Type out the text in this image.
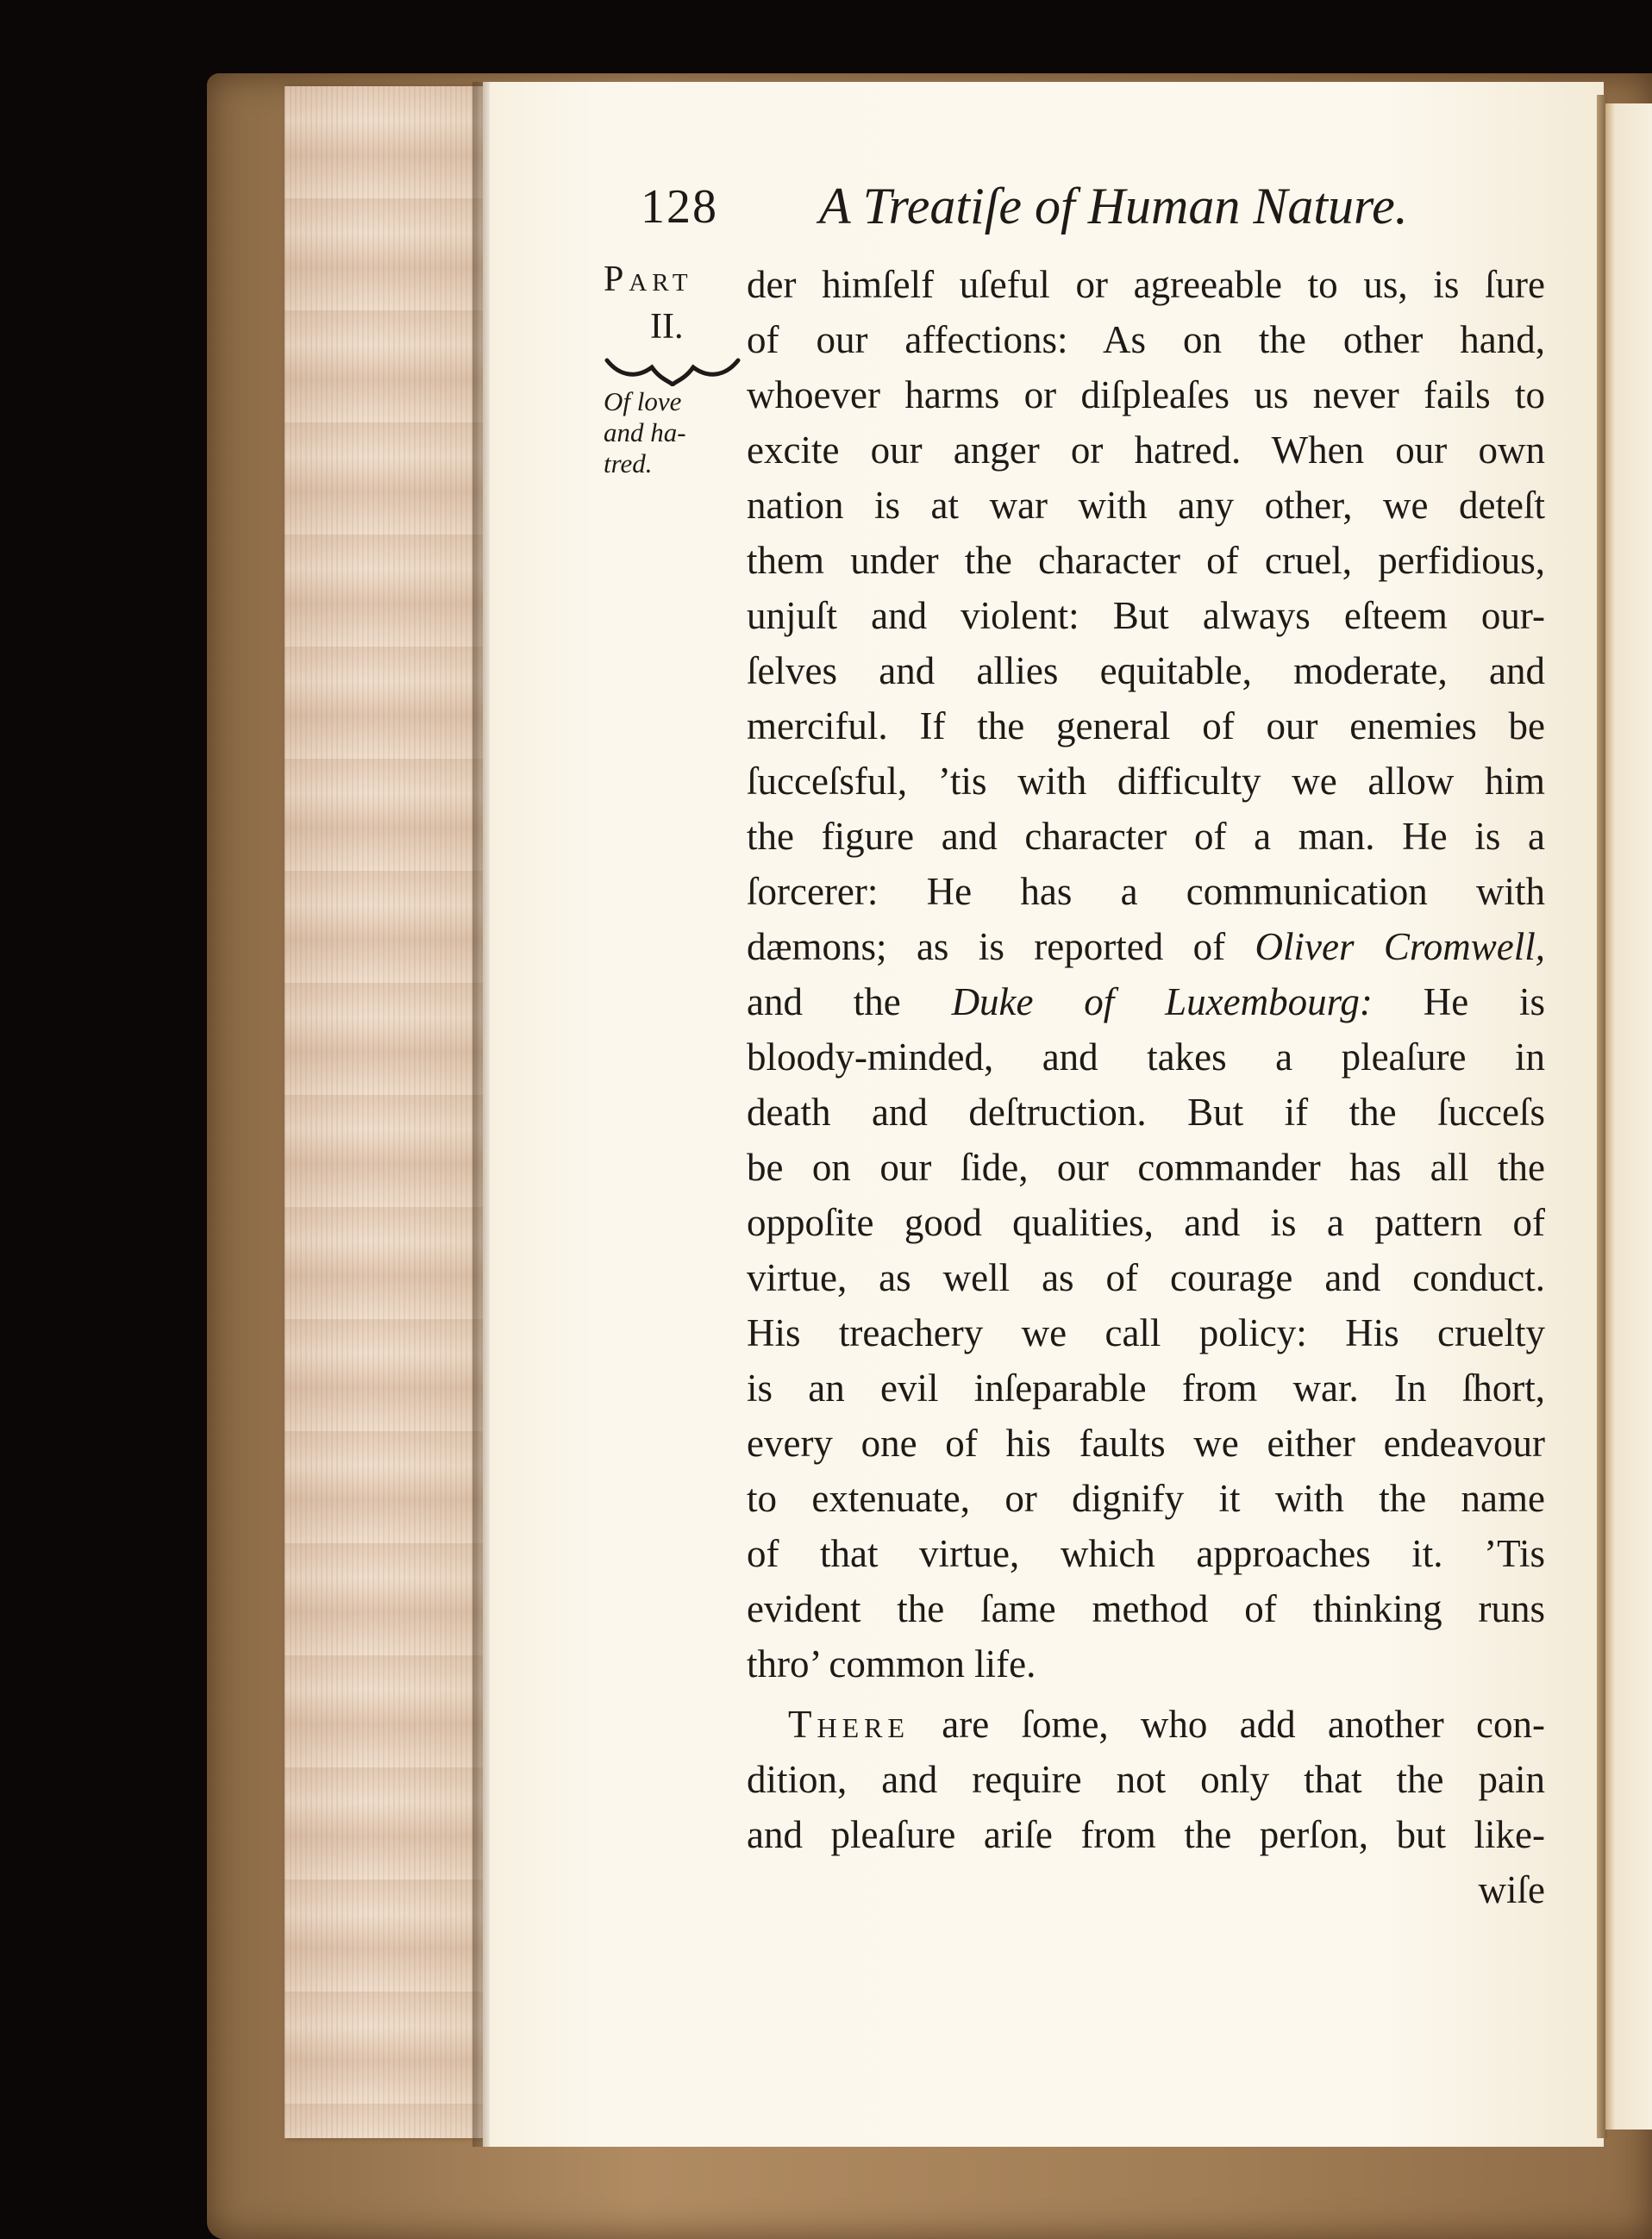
128 A Treatiſe of Human Nature.
Part
II.
Of love
and ha-
tred.
der himſelf uſeful or agreeable to us, is ſure
of our affections: As on the other hand,
whoever harms or diſpleaſes us never fails to
excite our anger or hatred. When our own
nation is at war with any other, we deteſt
them under the character of cruel, perfidious,
unjuſt and violent: But always eſteem our-
ſelves and allies equitable, moderate, and
merciful. If the general of our enemies be
ſucceſsful, ’tis with difficulty we allow him
the figure and character of a man. He is a
ſorcerer: He has a communication with
dæmons; as is reported of Oliver Cromwell,
and the Duke of Luxembourg: He is
bloody-minded, and takes a pleaſure in
death and deſtruction. But if the ſucceſs
be on our ſide, our commander has all the
oppoſite good qualities, and is a pattern of
virtue, as well as of courage and conduct.
His treachery we call policy: His cruelty
is an evil inſeparable from war. In ſhort,
every one of his faults we either endeavour
to extenuate, or dignify it with the name
of that virtue, which approaches it. ’Tis
evident the ſame method of thinking runs
thro’ common life.
There are ſome, who add another con-
dition, and require not only that the pain
and pleaſure ariſe from the perſon, but like-
wiſe
